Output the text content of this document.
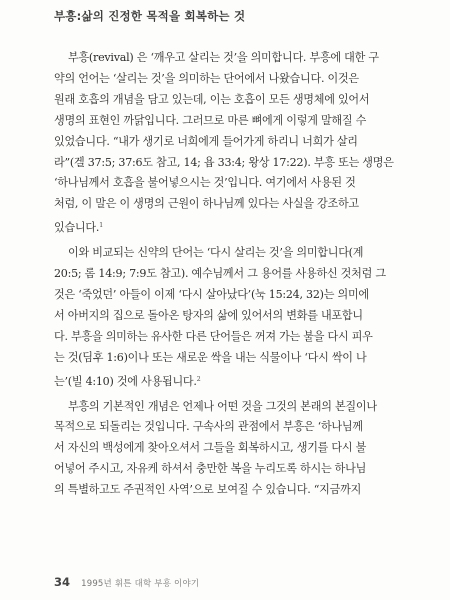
부흥:삶의 진정한 목적을 회복하는 것

부흥(revival) 은 ‘깨우고 살리는 것’을 의미합니다. 부흥에 대한 구
약의 언어는 ‘살리는 것’을 의미하는 단어에서 나왔습니다. 이것은
원래 호흡의 개념을 담고 있는데, 이는 호흡이 모든 생명체에 있어서
생명의 표현인 까닭입니다. 그러므로 마른 뼈에게 이렇게 말해질 수
있었습니다. “내가 생기로 너희에게 들어가게 하리니 너희가 살리
라”(겔 37:5; 37:6도 참고, 14; 욥 33:4; 왕상 17:22). 부흥 또는 생명은
‘하나님께서 호흡을 불어넣으시는 것’입니다. 여기에서 사용된 것
처럼, 이 말은 이 생명의 근원이 하나님께 있다는 사실을 강조하고
있습니다.$^1$

이와 비교되는 신약의 단어는 ‘다시 살리는 것’을 의미합니다(계
20:5; 롬 14:9; 7:9도 참고). 예수님께서 그 용어를 사용하신 것처럼 그
것은 ‘죽었던’ 아들이 이제 ‘다시 살아났다’(눅 15:24, 32)는 의미에
서 아버지의 집으로 돌아온 탕자의 삶에 있어서의 변화를 내포합니
다. 부흥을 의미하는 유사한 다른 단어들은 꺼져 가는 불을 다시 피우
는 것(딤후 1:6)이나 또는 새로운 싹을 내는 식물이나 ‘다시 싹이 나
는’(빌 4:10) 것에 사용됩니다.$^2$

부흥의 기본적인 개념은 언제나 어떤 것을 그것의 본래의 본질이나
목적으로 되돌리는 것입니다. 구속사의 관점에서 부흥은 ‘하나님께
서 자신의 백성에게 찾아오셔서 그들을 회복하시고, 생기를 다시 불
어넣어 주시고, 자유케 하셔서 충만한 복을 누리도록 하시는 하나님
의 특별하고도 주권적인 사역’으로 보여질 수 있습니다. “지금까지

34 1995년 휘튼 대학 부흥 이야기
